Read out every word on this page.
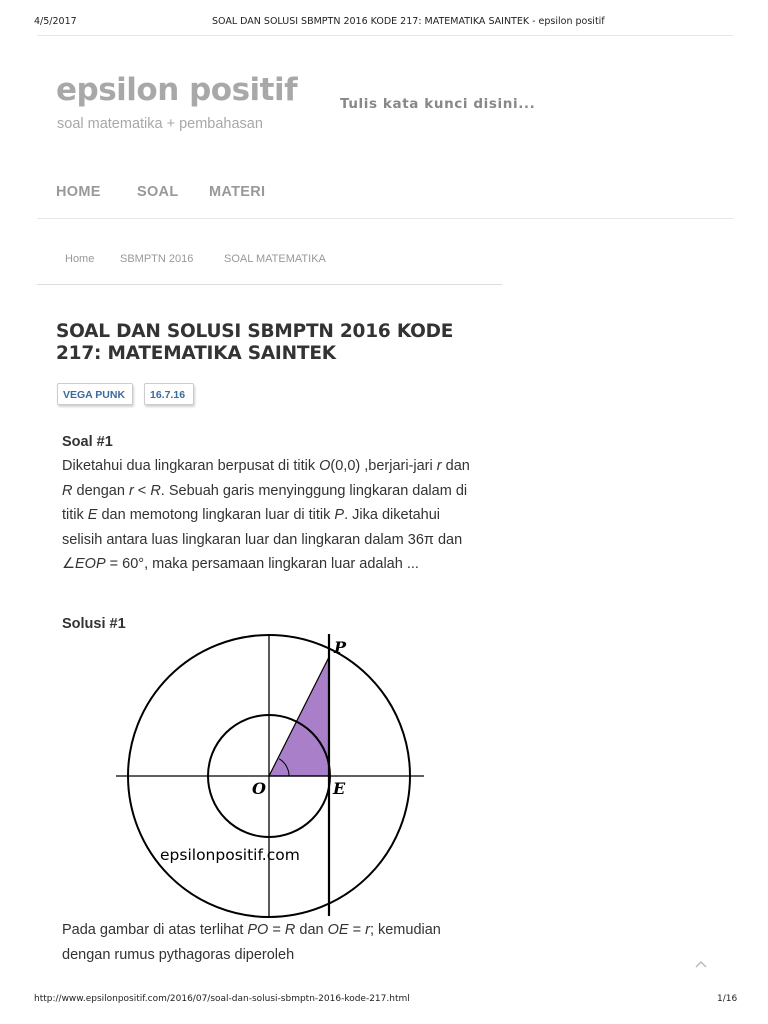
4/5/2017	SOAL DAN SOLUSI SBMPTN 2016 KODE 217: MATEMATIKA SAINTEK - epsilon positif
epsilon positif
soal matematika + pembahasan
Tulis kata kunci disini...
HOME	SOAL MATERI
Home SBMPTN 2016	SOAL MATEMATIKA
SOAL DAN SOLUSI SBMPTN 2016 KODE 217: MATEMATIKA SAINTEK
VEGA PUNK	16.7.16
Soal #1
Diketahui dua lingkaran berpusat di titik O(0,0) ,berjari-jari r dan R dengan r < R. Sebuah garis menyinggung lingkaran dalam di titik E dan memotong lingkaran luar di titik P. Jika diketahui selisih antara luas lingkaran luar dan lingkaran dalam 36π dan ∠EOP = 60°, maka persamaan lingkaran luar adalah ...
Solusi #1
P
O	E
epsilonpositif.com
Pada gambar di atas terlihat PO = R dan OE = r; kemudian dengan rumus pythagoras diperoleh
http://www.epsilonpositif.com/2016/07/soal-dan-solusi-sbmptn-2016-kode-217.html	1/16
